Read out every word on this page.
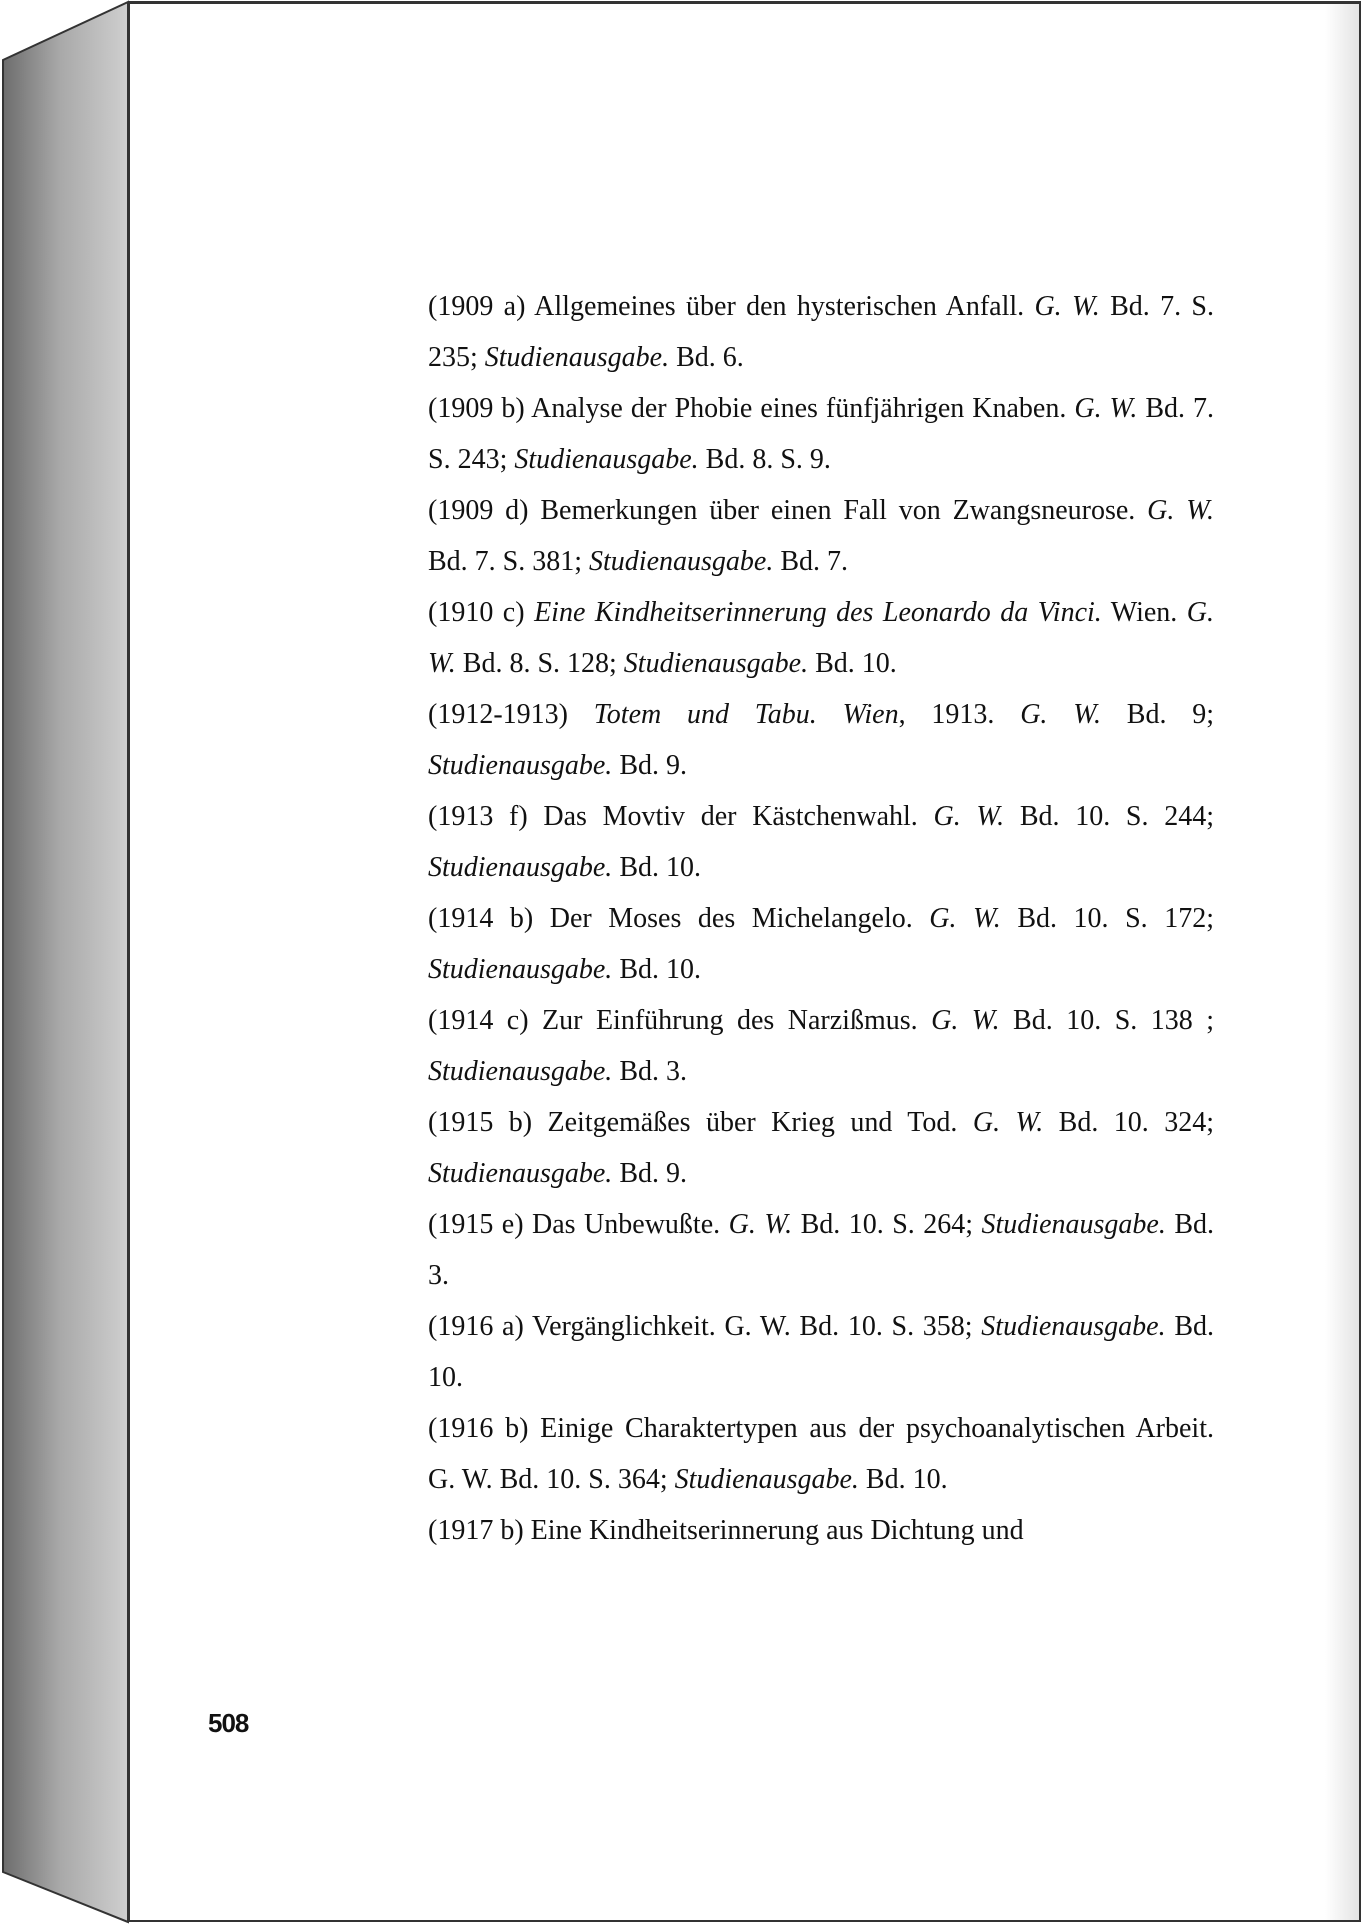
(1909 a) Allgemeines über den hysterischen Anfall. G. W. Bd. 7. S. 235; Studienausgabe. Bd. 6.
(1909 b) Analyse der Phobie eines fünfjährigen Knaben. G. W. Bd. 7. S. 243; Studienausgabe. Bd. 8. S. 9.
(1909 d) Bemerkungen über einen Fall von Zwangsneurose. G. W. Bd. 7. S. 381; Studienausgabe. Bd. 7.
(1910 c) Eine Kindheitserinnerung des Leonardo da Vinci. Wien. G. W. Bd. 8. S. 128; Studienausgabe. Bd. 10.
(1912-1913) Totem und Tabu. Wien, 1913. G. W. Bd. 9; Studienausgabe. Bd. 9.
(1913 f) Das Movtiv der Kästchenwahl. G. W. Bd. 10. S. 244; Studienausgabe. Bd. 10.
(1914 b) Der Moses des Michelangelo. G. W. Bd. 10. S. 172; Studienausgabe. Bd. 10.
(1914 c) Zur Einführung des Narzißmus. G. W. Bd. 10. S. 138 ; Studienausgabe. Bd. 3.
(1915 b) Zeitgemäßes über Krieg und Tod. G. W. Bd. 10. 324; Studienausgabe. Bd. 9.
(1915 e) Das Unbewußte. G. W. Bd. 10. S. 264; Studienausgabe. Bd. 3.
(1916 a) Vergänglichkeit. G. W. Bd. 10. S. 358; Studienausgabe. Bd. 10.
(1916 b) Einige Charaktertypen aus der psychoanalytischen Arbeit. G. W. Bd. 10. S. 364; Studienausgabe. Bd. 10.
(1917 b) Eine Kindheitserinnerung aus Dichtung und
508
